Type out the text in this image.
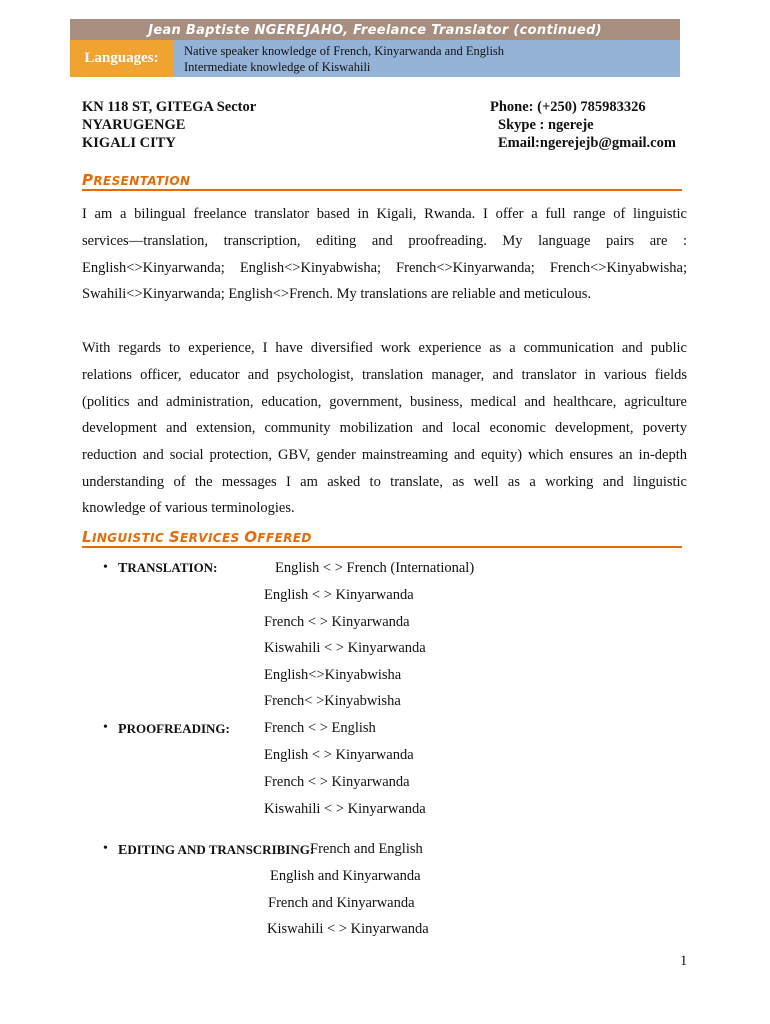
Jean Baptiste NGEREJAHO, Freelance Translator (continued)
Languages:	Native speaker knowledge of French, Kinyarwanda and English
Intermediate knowledge of Kiswahili
KN 118 ST, GITEGA Sector
NYARUGENGE
KIGALI CITY
Phone: (+250) 785983326
Skype : ngereje
Email:ngerejejb@gmail.com
PRESENTATION
I am a bilingual freelance translator based in Kigali, Rwanda. I offer a full range of linguistic
services—translation, transcription, editing and proofreading. My language pairs are :
English<>Kinyarwanda; English<>Kinyabwisha; French<>Kinyarwanda; French<>Kinyabwisha;
Swahili<>Kinyarwanda; English<>French. My translations are reliable and meticulous.
With regards to experience, I have diversified work experience as a communication and public
relations officer, educator and psychologist, translation manager, and translator in various fields
(politics and administration, education, government, business, medical and healthcare, agriculture
development and extension, community mobilization and local economic development, poverty
reduction and social protection, GBV, gender mainstreaming and equity) which ensures an in-depth
understanding of the messages I am asked to translate, as well as a working and linguistic
knowledge of various terminologies.
LINGUISTIC SERVICES OFFERED
• TRANSLATION:	English < > French (International)
English < > Kinyarwanda
French < > Kinyarwanda
Kiswahili < > Kinyarwanda
English<>Kinyabwisha
French< >Kinyabwisha
• PROOFREADING: French < > English
English < > Kinyarwanda
French < > Kinyarwanda
Kiswahili < > Kinyarwanda
• EDITING AND TRANSCRIBING:
French and English
English and Kinyarwanda
French and Kinyarwanda
Kiswahili < > Kinyarwanda
1
